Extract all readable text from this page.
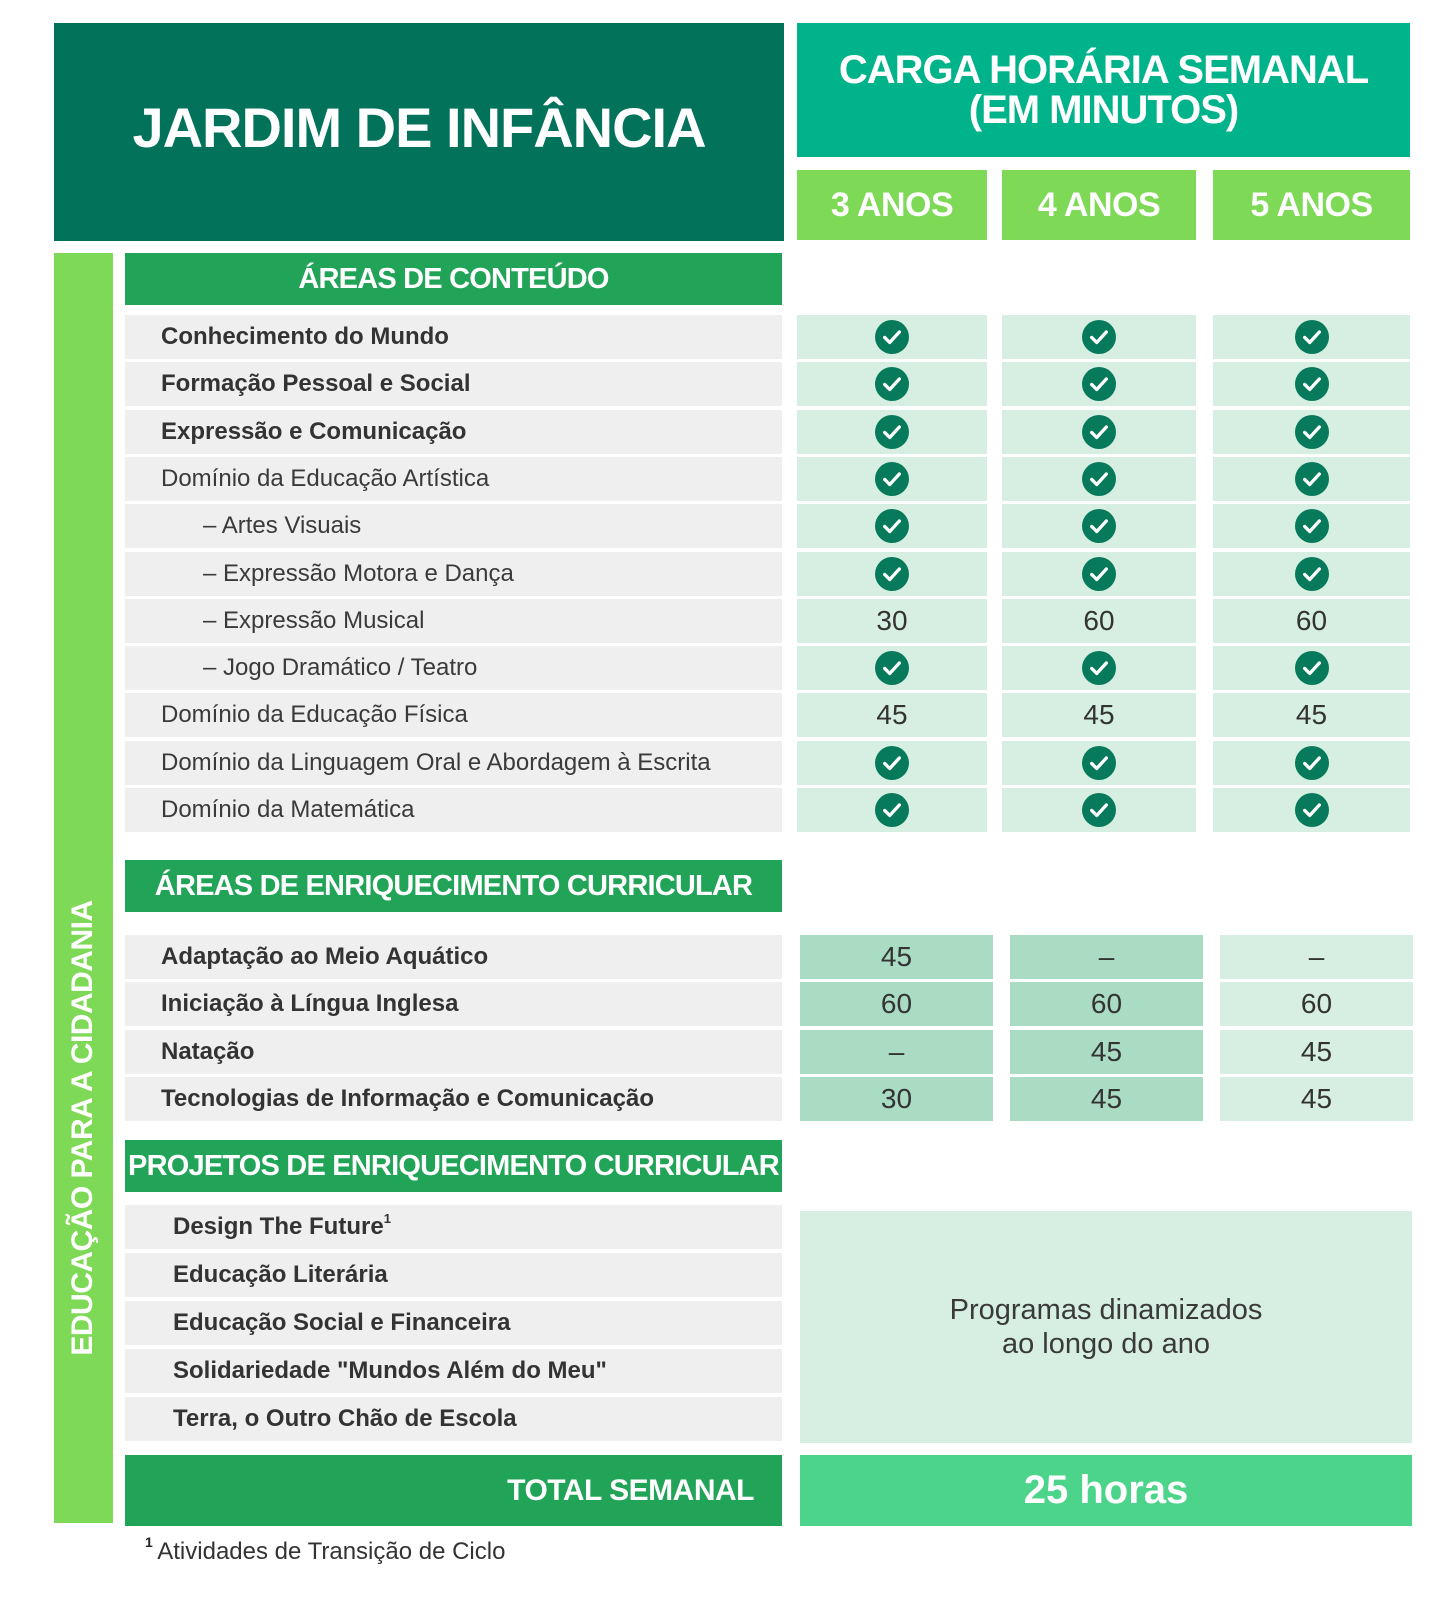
JARDIM DE INFÂNCIA
CARGA HORÁRIA SEMANAL
(EM MINUTOS)
3 ANOS 4 ANOS	5 ANOS
EDUCAÇÃO PARA A CIDADANIA
ÁREAS DE CONTEÚDO
Conhecimento do Mundo
Formação Pessoal e Social
Expressão e Comunicação
Domínio da Educação Artística
– Artes Visuais
– Expressão Motora e Dança
– Expressão Musical	30	60	60
– Jogo Dramático / Teatro
Domínio da Educação Física	45	45	45
Domínio da Linguagem Oral e Abordagem à Escrita
Domínio da Matemática
ÁREAS DE ENRIQUECIMENTO CURRICULAR
Adaptação ao Meio Aquático	45	–	–
Iniciação à Língua Inglesa	60	60	60
Natação	–	45	45
Tecnologias de Informação e Comunicação	30	45	45
PROJETOS DE ENRIQUECIMENTO CURRICULAR
Design The Future$^1$
Educação Literária
Educação Social e Financeira
Solidariedade "Mundos Além do Meu"
Terra, o Outro Chão de Escola
Programas dinamizados
ao longo do ano
TOTAL SEMANAL	25 horas
$^1$ Atividades de Transição de Ciclo
